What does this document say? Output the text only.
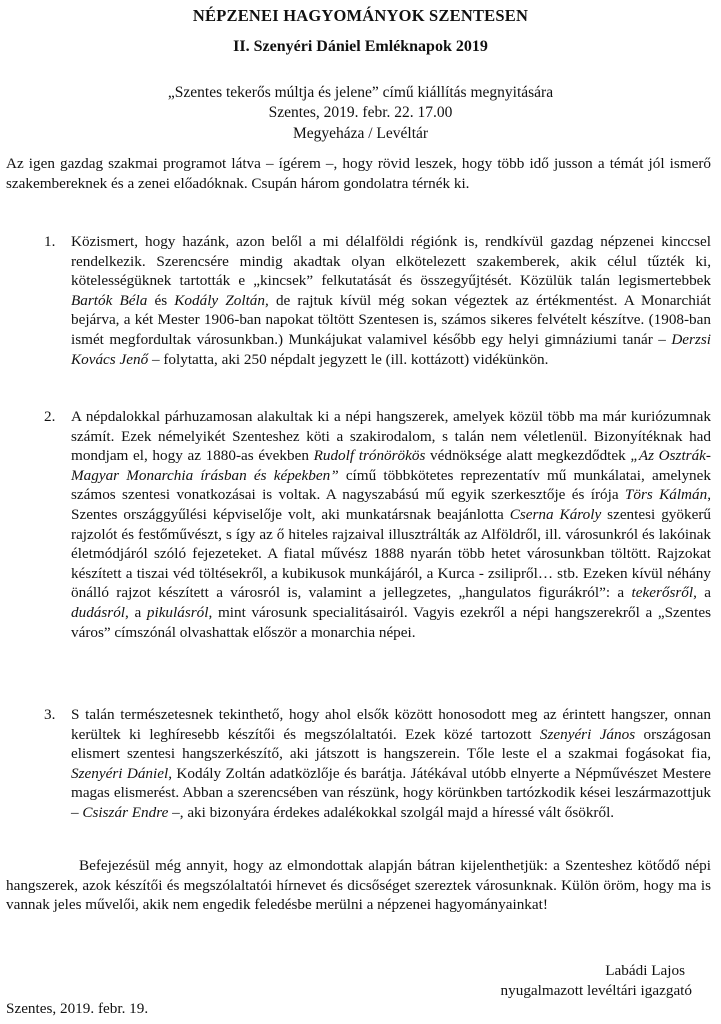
NÉPZENEI HAGYOMÁNYOK SZENTESEN
II. Szenyéri Dániel Emléknapok 2019
„Szentes tekerős múltja és jelene” című kiállítás megnyitására
Szentes, 2019. febr. 22. 17.00
Megyeháza / Levéltár

Az igen gazdag szakmai programot látva – ígérem –, hogy rövid leszek, hogy több idő jusson a témát jól ismerő szakembereknek és a zenei előadóknak. Csupán három gondolatra térnék ki.

1. Közismert, hogy hazánk, azon belől a mi délalföldi régiónk is, rendkívül gazdag népzenei kinccsel rendelkezik. Szerencsére mindig akadtak olyan elkötelezett szakemberek, akik célul tűzték ki, kötelességüknek tartották e „kincsek” felkutatását és összegyűjtését. Közülük talán legismertebbek Bartók Béla és Kodály Zoltán, de rajtuk kívül még sokan végeztek az értékmentést. A Monarchiát bejárva, a két Mester 1906-ban napokat töltött Szentesen is, számos sikeres felvételt készítve. (1908-ban ismét megfordultak városunkban.) Munkájukat valamivel később egy helyi gimnáziumi tanár – Derzsi Kovács Jenő – folytatta, aki 250 népdalt jegyzett le (ill. kottázott) vidékünkön.
2. A népdalokkal párhuzamosan alakultak ki a népi hangszerek, amelyek közül több ma már kuriózumnak számít. Ezek némelyikét Szenteshez köti a szakirodalom, s talán nem véletlenül. Bizonyítéknak had mondjam el, hogy az 1880-as években Rudolf trónörökös védnöksége alatt megkezdődtek „Az Osztrák-Magyar Monarchia írásban és képekben” című többkötetes reprezentatív mű munkálatai, amelynek számos szentesi vonatkozásai is voltak. A nagyszabású mű egyik szerkesztője és írója Törs Kálmán, Szentes országgyűlési képviselője volt, aki munkatársnak beajánlotta Cserna Károly szentesi gyökerű rajzolót és festőművészt, s így az ő hiteles rajzaival illusztrálták az Alföldről, ill. városunkról és lakóinak életmódjáról szóló fejezeteket. A fiatal művész 1888 nyarán több hetet városunkban töltött. Rajzokat készített a tiszai véd töltésekről, a kubikusok munkájáról, a Kurca - zsilipről… stb. Ezeken kívül néhány önálló rajzot készített a városról is, valamint a jellegzetes, „hangulatos figurákról”: a tekerősről, a dudásról, a pikulásról, mint városunk specialitásairól. Vagyis ezekről a népi hangszerekről a „Szentes város” címszónál olvashattak először a monarchia népei.
3. S talán természetesnek tekinthető, hogy ahol elsők között honosodott meg az érintett hangszer, onnan kerültek ki leghíresebb készítői és megszólaltatói. Ezek közé tartozott Szenyéri János országosan elismert szentesi hangszerkészítő, aki játszott is hangszerein. Tőle leste el a szakmai fogásokat fia, Szenyéri Dániel, Kodály Zoltán adatközlője és barátja. Játékával utóbb elnyerte a Népművészet Mestere magas elismerést. Abban a szerencsében van részünk, hogy körünkben tartózkodik kései leszármazottjuk – Csiszár Endre –, aki bizonyára érdekes adalékokkal szolgál majd a híressé vált ősökről.

Befejezésül még annyit, hogy az elmondottak alapján bátran kijelenthetjük: a Szenteshez kötődő népi hangszerek, azok készítői és megszólaltatói hírnevet és dicsőséget szereztek városunknak. Külön öröm, hogy ma is vannak jeles művelői, akik nem engedik feledésbe merülni a népzenei hagyományainkat!

Labádi Lajos
nyugalmazott levéltári igazgató
Szentes, 2019. febr. 19.
